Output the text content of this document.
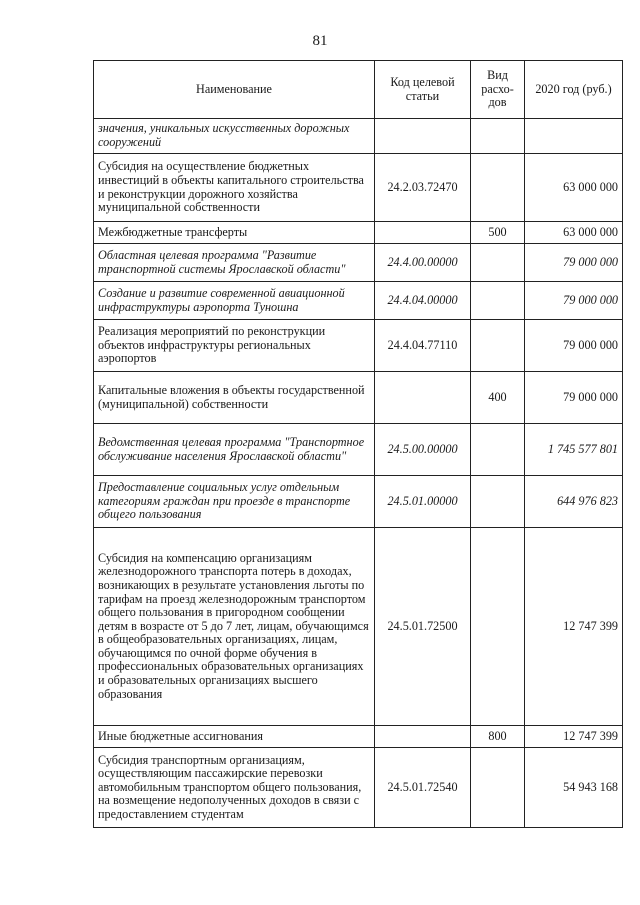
81
Наименование	Код целевой статьи	Вид расхо-дов	2020 год (руб.)
значения, уникальных искусственных дорожных сооружений			
Субсидия на осуществление бюджетных инвестиций в объекты капитального строительства и реконструкции дорожного хозяйства муниципальной собственности	24.2.03.72470		63 000 000
Межбюджетные трансферты		500	63 000 000
Областная целевая программа "Развитие транспортной системы Ярославской области"	24.4.00.00000		79 000 000
Создание и развитие современной авиационной инфраструктуры аэропорта Туношна	24.4.04.00000		79 000 000
Реализация мероприятий по реконструкции объектов инфраструктуры региональных аэропортов	24.4.04.77110		79 000 000
Капитальные вложения в объекты государственной (муниципальной) собственности		400	79 000 000
Ведомственная целевая программа "Транспортное обслуживание населения Ярославской области"	24.5.00.00000		1 745 577 801
Предоставление социальных услуг отдельным категориям граждан при проезде в транспорте общего пользования	24.5.01.00000		644 976 823
Субсидия на компенсацию организациям железнодорожного транспорта потерь в доходах, возникающих в результате установления льготы по тарифам на проезд железнодорожным транспортом общего пользования в пригородном сообщении детям в возрасте от 5 до 7 лет, лицам, обучающимся в общеобразовательных организациях, лицам, обучающимся по очной форме обучения в профессиональных образовательных организациях и образовательных организациях высшего образования	24.5.01.72500		12 747 399
Иные бюджетные ассигнования		800	12 747 399
Субсидия транспортным организациям, осуществляющим пассажирские перевозки автомобильным транспортом общего пользования, на возмещение недополученных доходов в связи с предоставлением студентам	24.5.01.72540		54 943 168
